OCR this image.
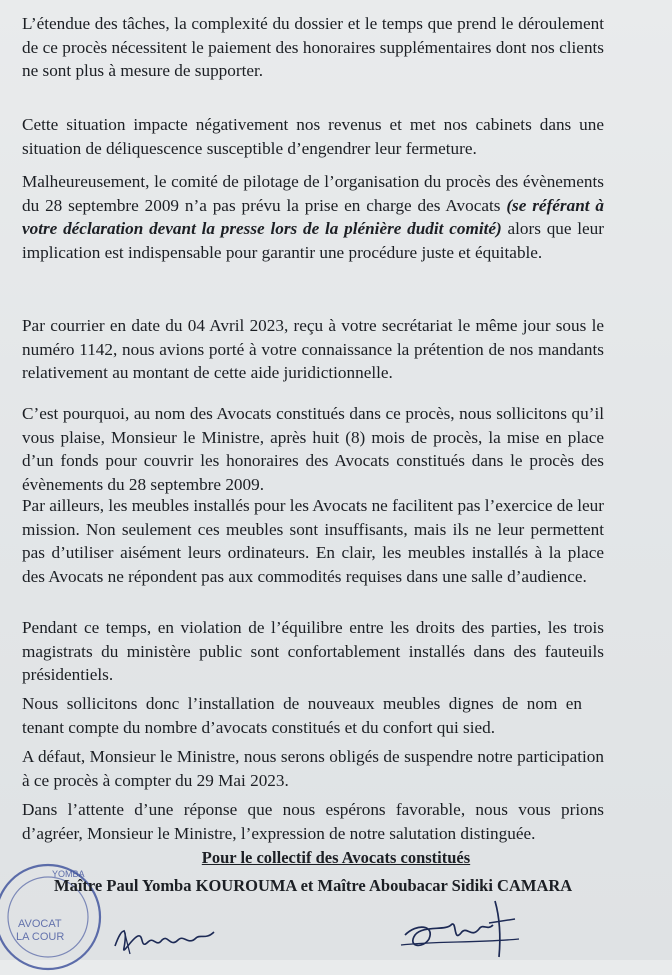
L’étendue des tâches, la complexité du dossier et le temps que prend le déroulement de ce procès nécessitent le paiement des honoraires supplémentaires dont nos clients ne sont plus à mesure de supporter.

Cette situation impacte négativement nos revenus et met nos cabinets dans une situation de déliquescence susceptible d’engendrer leur fermeture.

Malheureusement, le comité de pilotage de l’organisation du procès des évènements du 28 septembre 2009 n’a pas prévu la prise en charge des Avocats (se référant à votre déclaration devant la presse lors de la plénière dudit comité) alors que leur implication est indispensable pour garantir une procédure juste et équitable.

Par courrier en date du 04 Avril 2023, reçu à votre secrétariat le même jour sous le numéro 1142, nous avions porté à votre connaissance la prétention de nos mandants relativement au montant de cette aide juridictionnelle.

C’est pourquoi, au nom des Avocats constitués dans ce procès, nous sollicitons qu’il vous plaise, Monsieur le Ministre, après huit (8) mois de procès, la mise en place d’un fonds pour couvrir les honoraires des Avocats constitués dans le procès des évènements du 28 septembre 2009.

Par ailleurs, les meubles installés pour les Avocats ne facilitent pas l’exercice de leur mission. Non seulement ces meubles sont insuffisants, mais ils ne leur permettent pas d’utiliser aisément leurs ordinateurs. En clair, les meubles installés à la place des Avocats ne répondent pas aux commodités requises dans une salle d’audience.

Pendant ce temps, en violation de l’équilibre entre les droits des parties, les trois magistrats du ministère public sont confortablement installés dans des fauteuils présidentiels.

Nous sollicitons donc l’installation de nouveaux meubles dignes de nom en tenant compte du nombre d’avocats constitués et du confort qui sied.

A défaut, Monsieur le Ministre, nous serons obligés de suspendre notre participation à ce procès à compter du 29 Mai 2023.

Dans l’attente d’une réponse que nous espérons favorable, nous vous prions d’agréer, Monsieur le Ministre, l’expression de notre salutation distinguée.

Pour le collectif des Avocats constitués
YOMBA
AVOCAT
LA COUR
Maître Paul Yomba KOUROUMA et Maître Aboubacar Sidiki CAMARA
